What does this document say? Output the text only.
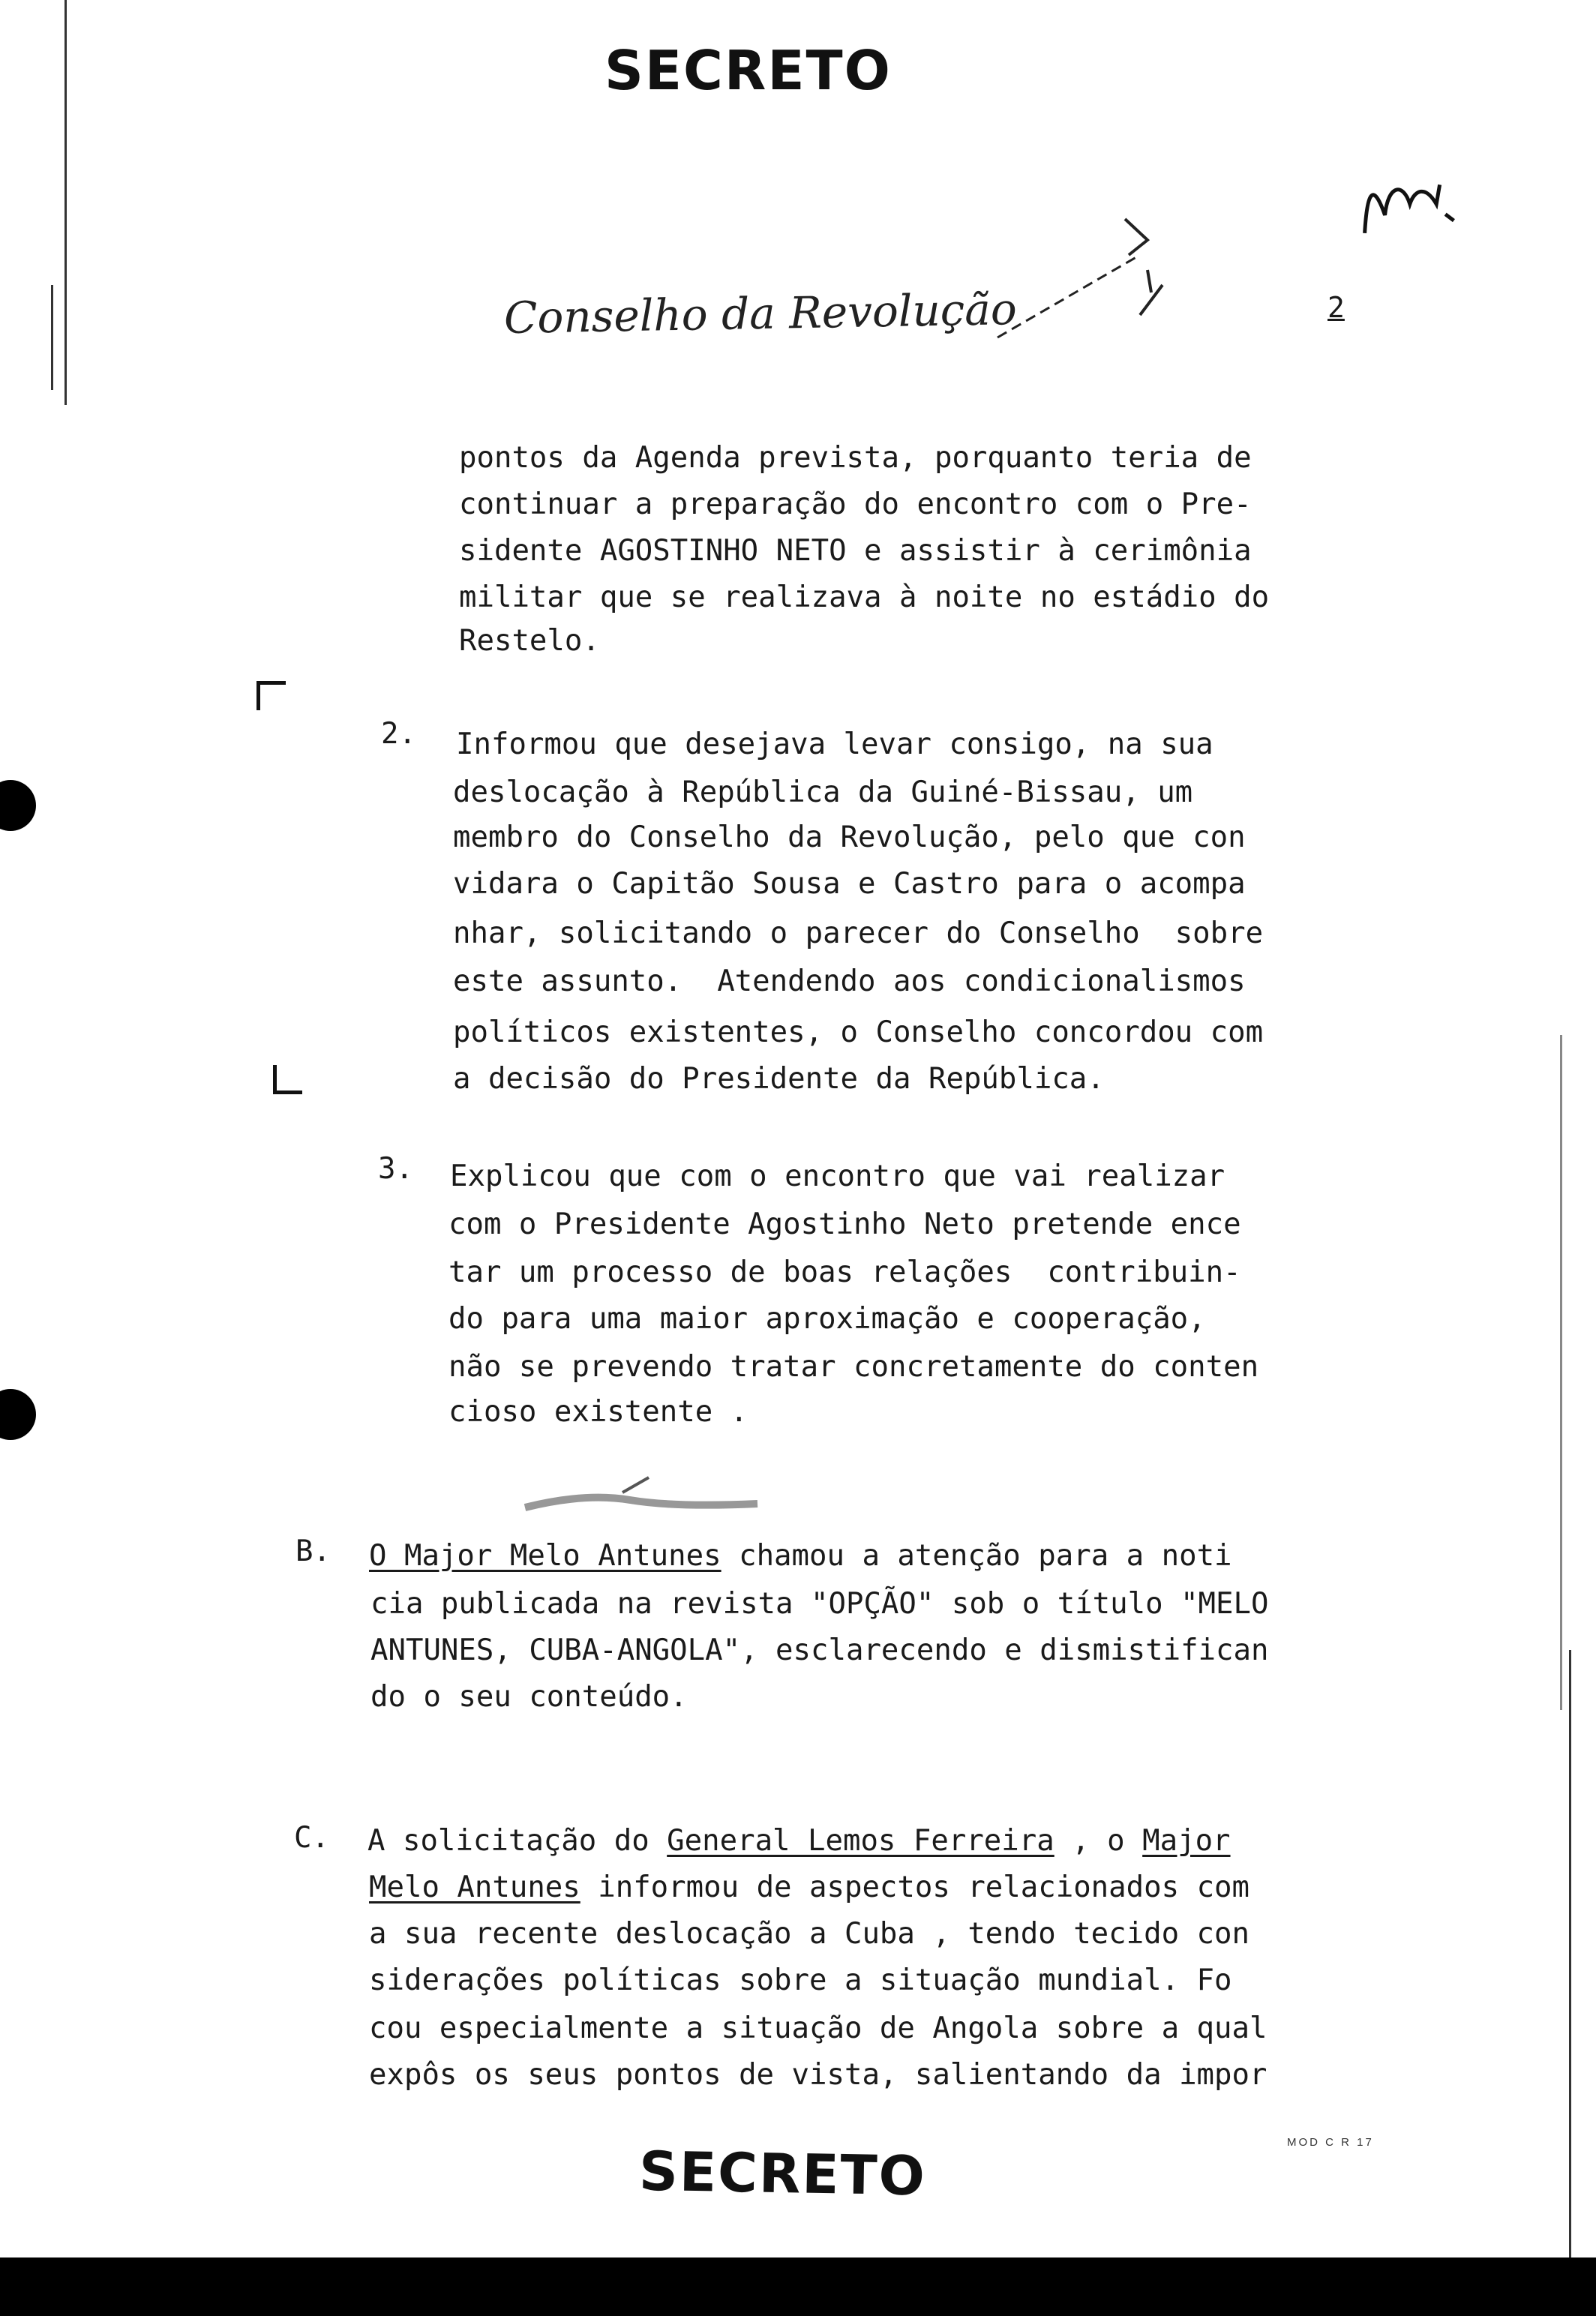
SECRETO
Conselho da Revolução	2
pontos da Agenda prevista, porquanto teria de
continuar a preparação do encontro com o Pre-
sidente AGOSTINHO NETO e assistir à cerimônia
militar que se realizava à noite no estádio do
Restelo.
2. Informou que desejava levar consigo, na sua
deslocação à República da Guiné-Bissau, um
membro do Conselho da Revolução, pelo que con
vidara o Capitão Sousa e Castro para o acompa
nhar, solicitando o parecer do Conselho  sobre
este assunto.  Atendendo aos condicionalismos
políticos existentes, o Conselho concordou com
a decisão do Presidente da República.
3. Explicou que com o encontro que vai realizar
com o Presidente Agostinho Neto pretende ence
tar um processo de boas relações  contribuin-
do para uma maior aproximação e cooperação,
não se prevendo tratar concretamente do conten
cioso existente .
B. O Major Melo Antunes chamou a atenção para a noti
cia publicada na revista "OPÇÃO" sob o título "MELO
ANTUNES, CUBA-ANGOLA", esclarecendo e dismistifican
do o seu conteúdo.
C. A solicitação do General Lemos Ferreira , o Major
Melo Antunes informou de aspectos relacionados com
a sua recente deslocação a Cuba , tendo tecido con
siderações políticas sobre a situação mundial. Fo
cou especialmente a situação de Angola sobre a qual
expôs os seus pontos de vista, salientando da impor
SECRETO	MOD C R 17
